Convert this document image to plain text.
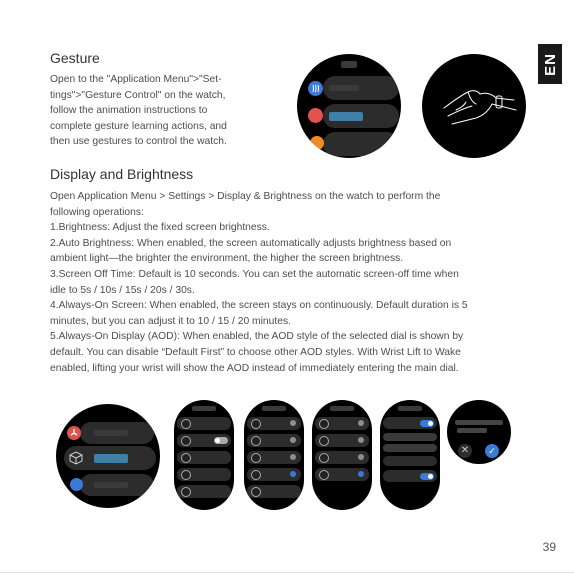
EN
Gesture

Open to the "Application Menu">"Set-

tings">"Gesture Control" on the watch,

follow the animation instructions to

complete gesture learning actions, and

then use gestures to control the watch.

Display and Brightness

Open Application Menu > Settings > Display & Brightness on the watch to perform the

following operations:

1.Brightness: Adjust the fixed screen brightness.

2.Auto Brightness: When enabled, the screen automatically adjusts brightness based on

ambient light—the brighter the environment, the higher the screen brightness.

3.Screen Off Time: Default is 10 seconds. You can set the automatic screen-off time when

idle to 5s / 10s / 15s / 20s / 30s.

4.Always-On Screen: When enabled, the screen stays on continuously. Default duration is 5

minutes, but you can adjust it to 10 / 15 / 20 minutes.

5.Always-On Display (AOD): When enabled, the AOD style of the selected dial is shown by

default. You can disable “Default First” to choose other AOD styles. With Wrist Lift to Wake

enabled, lifting your wrist will show the AOD instead of immediately entering the main dial.

✕	✓
39
